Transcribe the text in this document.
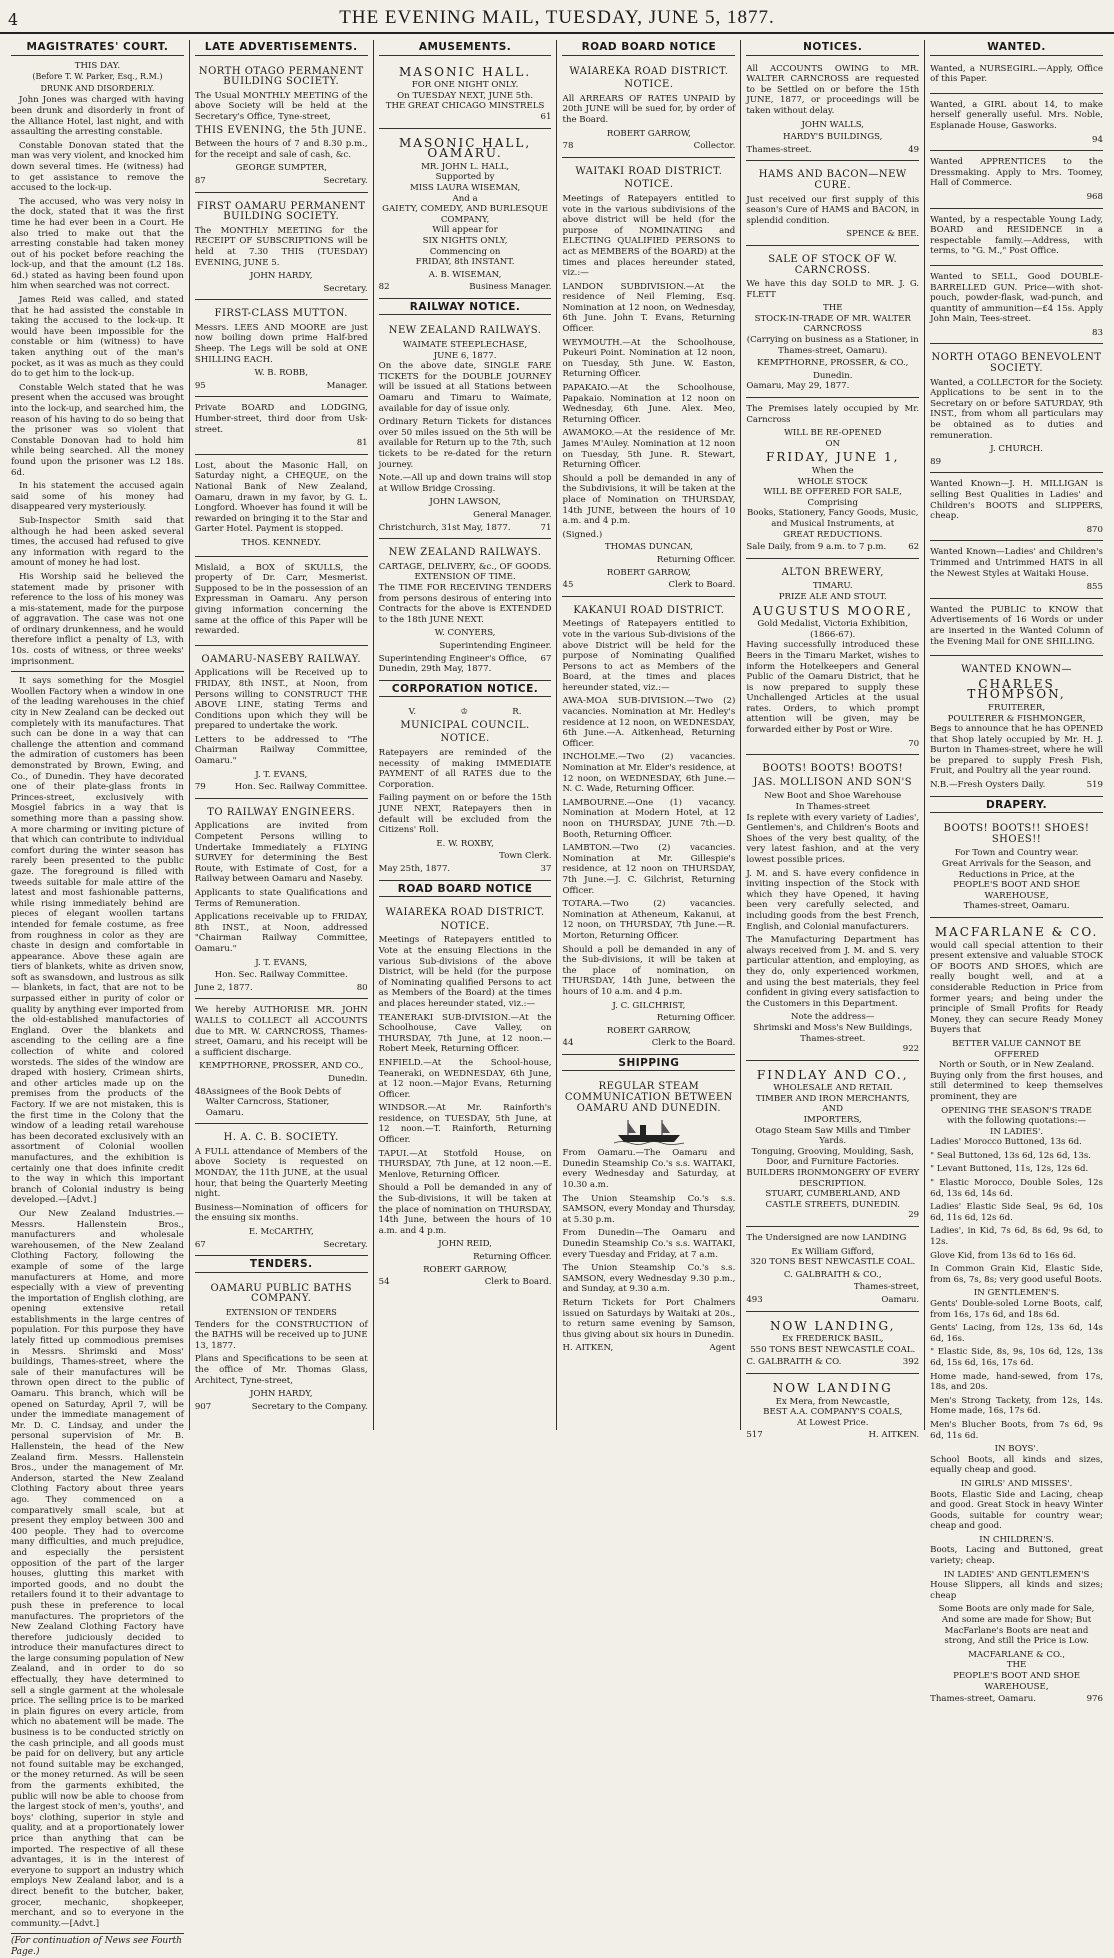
4	THE EVENING MAIL, TUESDAY, JUNE 5, 1877.
MAGISTRATES' COURT.
THIS DAY.
(Before T. W. Parker, Esq., R.M.)
DRUNK AND DISORDERLY.

John Jones was charged with having been drunk and disorderly in front of the Alliance Hotel, last night, and with assaulting the arresting constable.

Constable Donovan stated that the man was very violent, and knocked him down several times. He (witness) had to get assistance to remove the accused to the lock-up.

The accused, who was very noisy in the dock, stated that it was the first time he had ever been in a Court. He also tried to make out that the arresting constable had taken money out of his pocket before reaching the lock-up, and that the amount (L2 18s. 6d.) stated as having been found upon him when searched was not correct.

James Reid was called, and stated that he had assisted the constable in taking the accused to the lock-up. It would have been impossible for the constable or him (witness) to have taken anything out of the man's pocket, as it was as much as they could do to get him to the lock-up.

Constable Welch stated that he was present when the accused was brought into the lock-up, and searched him, the reason of his having to do so being that the prisoner was so violent that Constable Donovan had to hold him while being searched. All the money found upon the prisoner was L2 18s. 6d.

In his statement the accused again said some of his money had disappeared very mysteriously.

Sub-Inspector Smith said that although he had been asked several times, the accused had refused to give any information with regard to the amount of money he had lost.

His Worship said he believed the statement made by prisoner with reference to the loss of his money was a mis-statement, made for the purpose of aggravation. The case was not one of ordinary drunkenness, and he would therefore inflict a penalty of L3, with 10s. costs of witness, or three weeks' imprisonment.

It says something for the Mosgiel Woollen Factory when a window in one of the leading warehouses in the chief city in New Zealand can be decked out completely with its manufactures. That such can be done in a way that can challenge the attention and command the admiration of customers has been demonstrated by Brown, Ewing, and Co., of Dunedin. They have decorated one of their plate-glass fronts in Princes-street, exclusively with Mosgiel fabrics in a way that is something more than a passing show. A more charming or inviting picture of that which can contribute to individual comfort during the winter season has rarely been presented to the public gaze. The foreground is filled with tweeds suitable for male attire of the latest and most fashionable patterns, while rising immediately behind are pieces of elegant woollen tartans intended for female costume, as free from roughness in color as they are chaste in design and comfortable in appearance. Above these again are tiers of blankets, white as driven snow, soft as swansdown, and lustrous as silk — blankets, in fact, that are not to be surpassed either in purity of color or quality by anything ever imported from the old-established manufactories of England. Over the blankets and ascending to the ceiling are a fine collection of white and colored worsteds. The sides of the window are draped with hosiery, Crimean shirts, and other articles made up on the premises from the products of the Factory. If we are not mistaken, this is the first time in the Colony that the window of a leading retail warehouse has been decorated exclusively with an assortment of Colonial woollen manufactures, and the exhibition is certainly one that does infinite credit to the way in which this important branch of Colonial industry is being developed.—[Advt.]

Our New Zealand Industries.—Messrs. Hallenstein Bros., manufacturers and wholesale warehousemen, of the New Zealand Clothing Factory, following the example of some of the large manufacturers at Home, and more especially with a view of preventing the importation of English clothing, are opening extensive retail establishments in the large centres of population. For this purpose they have lately fitted up commodious premises in Messrs. Shrimski and Moss' buildings, Thames-street, where the sale of their manufactures will be thrown open direct to the public of Oamaru. This branch, which will be opened on Saturday, April 7, will be under the immediate management of Mr. D. C. Lindsay, and under the personal supervision of Mr. B. Hallenstein, the head of the New Zealand firm. Messrs. Hallenstein Bros., under the management of Mr. Anderson, started the New Zealand Clothing Factory about three years ago. They commenced on a comparatively small scale, but at present they employ between 300 and 400 people. They had to overcome many difficulties, and much prejudice, and especially the persistent opposition of the part of the larger houses, glutting this market with imported goods, and no doubt the retailers found it to their advantage to push these in preference to local manufactures. The proprietors of the New Zealand Clothing Factory have therefore judiciously decided to introduce their manufactures direct to the large consuming population of New Zealand, and in order to do so effectually, they have determined to sell a single garment at the wholesale price. The selling price is to be marked in plain figures on every article, from which no abatement will be made. The business is to be conducted strictly on the cash principle, and all goods must be paid for on delivery, but any article not found suitable may be exchanged, or the money returned. As will be seen from the garments exhibited, the public will now be able to choose from the largest stock of men's, youths', and boys' clothing, superior in style and quality, and at a proportionately lower price than anything that can be imported. The respective of all these advantages, it is in the interest of everyone to support an industry which employs New Zealand labor, and is a direct benefit to the butcher, baker, grocer, mechanic, shopkeeper, merchant, and so to everyone in the community.—[Advt.]

(For continuation of News see Fourth Page.)
LATE ADVERTISEMENTS.
NORTH OTAGO PERMANENT BUILDING SOCIETY.

The Usual MONTHLY MEETING of the above Society will be held at the Secretary's Office, Tyne-street,

THIS EVENING, the 5th JUNE.

Between the hours of 7 and 8.30 p.m., for the receipt and sale of cash, &c.

GEORGE SUMPTER,
87	Secretary.
FIRST OAMARU PERMANENT BUILDING SOCIETY.

The MONTHLY MEETING for the RECEIPT OF SUBSCRIPTIONS will be held at 7.30 THIS (TUESDAY) EVENING, JUNE 5.

JOHN HARDY,
Secretary.
FIRST-CLASS MUTTON.

Messrs. LEES AND MOORE are just now boiling down prime Half-bred Sheep. The Legs will be sold at ONE SHILLING EACH.

W. B. ROBB,
95	Manager.

Private BOARD and LODGING, Humber-street, third door from Usk-street.

81

Lost, about the Masonic Hall, on Saturday night, a CHEQUE, on the National Bank of New Zealand, Oamaru, drawn in my favor, by G. L. Longford. Whoever has found it will be rewarded on bringing it to the Star and Garter Hotel. Payment is stopped.

THOS. KENNEDY.

Mislaid, a BOX of SKULLS, the property of Dr. Carr, Mesmerist. Supposed to be in the possession of an Expressman in Oamaru. Any person giving information concerning the same at the office of this Paper will be rewarded.

OAMARU-NASEBY RAILWAY.

Applications will be Received up to FRIDAY, 8th INST., at Noon, from Persons willing to CONSTRUCT THE ABOVE LINE, stating Terms and Conditions upon which they will be prepared to undertake the work.

Letters to be addressed to "The Chairman Railway Committee, Oamaru."

J. T. EVANS,
79	Hon. Sec. Railway Committee.
TO RAILWAY ENGINEERS.

Applications are invited from Competent Persons willing to Undertake Immediately a FLYING SURVEY for determining the Best Route, with Estimate of Cost, for a Railway between Oamaru and Naseby.

Applicants to state Qualifications and Terms of Remuneration.

Applications receivable up to FRIDAY, 8th INST., at Noon, addressed "Chairman Railway Committee, Oamaru."

J. T. EVANS,
Hon. Sec. Railway Committee.
June 2, 1877.	80

We hereby AUTHORISE MR. JOHN WALLS to COLLECT all ACCOUNTS due to MR. W. CARNCROSS, Thames-street, Oamaru, and his receipt will be a sufficient discharge.

KEMPTHORNE, PROSSER, AND CO.,
Dunedin.
48 Assignees of the Book Debts of Walter Carncross, Stationer, Oamaru.
H. A. C. B. SOCIETY.

A FULL attendance of Members of the above Society is requested on MONDAY, the 11th JUNE, at the usual hour, that being the Quarterly Meeting night.

Business—Nomination of officers for the ensuing six months.

E. McCARTHY,
67	Secretary.
TENDERS.
OAMARU PUBLIC BATHS COMPANY.
EXTENSION OF TENDERS

Tenders for the CONSTRUCTION of the BATHS will be received up to JUNE 13, 1877.

Plans and Specifications to be seen at the office of Mr. Thomas Glass, Architect, Tyne-street,

JOHN HARDY,
907	Secretary to the Company.
AMUSEMENTS.
MASONIC HALL.
FOR ONE NIGHT ONLY.
On TUESDAY NEXT, JUNE 5th.
THE GREAT CHICAGO MINSTRELS
61
MASONIC HALL, OAMARU.
MR. JOHN L. HALL,
Supported by
MISS LAURA WISEMAN,
And a
GAIETY, COMEDY, AND BURLESQUE COMPANY,
Will appear for
SIX NIGHTS ONLY,
Commencing on
FRIDAY, 8th INSTANT.
A. B. WISEMAN,
82	Business Manager.
RAILWAY NOTICE.
NEW ZEALAND RAILWAYS.
WAIMATE STEEPLECHASE,
JUNE 6, 1877.

On the above date, SINGLE FARE TICKETS for the DOUBLE JOURNEY will be issued at all Stations between Oamaru and Timaru to Waimate, available for day of issue only.

Ordinary Return Tickets for distances over 50 miles issued on the 5th will be available for Return up to the 7th, such tickets to be re-dated for the return journey.

Note.—All up and down trains will stop at Willow Bridge Crossing.

JOHN LAWSON,
General Manager.
Christchurch, 31st May, 1877.	71
NEW ZEALAND RAILWAYS.
CARTAGE, DELIVERY, &c., OF GOODS.
EXTENSION OF TIME.

The TIME FOR RECEIVING TENDERS from persons desirous of entering into Contracts for the above is EXTENDED to the 18th JUNE NEXT.

W. CONYERS,
Superintending Engineer.
Superintending Engineer's Office, Dunedin, 29th May, 1877.
67
CORPORATION NOTICE.
V.	♔	R.
MUNICIPAL COUNCIL.
NOTICE.

Ratepayers are reminded of the necessity of making IMMEDIATE PAYMENT of all RATES due to the Corporation.

Failing payment on or before the 15th JUNE NEXT, Ratepayers then in default will be excluded from the Citizens' Roll.

E. W. ROXBY,
Town Clerk.
May 25th, 1877.	37
ROAD BOARD NOTICE
WAIAREKA ROAD DISTRICT.
NOTICE.

Meetings of Ratepayers entitled to Vote at the ensuing Elections in the various Sub-divisions of the above District, will be held (for the purpose of Nominating qualified Persons to act as Members of the Board) at the times and places hereunder stated, viz.:—

TEANERAKI SUB-DIVISION.—At the Schoolhouse, Cave Valley, on THURSDAY, 7th June, at 12 noon.—Robert Meek, Returning Officer.

ENFIELD.—At the School-house, Teaneraki, on WEDNESDAY, 6th June, at 12 noon.—Major Evans, Returning Officer.

WINDSOR.—At Mr. Rainforth's residence, on TUESDAY, 5th June, at 12 noon.—T. Rainforth, Returning Officer.

TAPUI.—At Stotfold House, on THURSDAY, 7th June, at 12 noon.—E. Menlove, Returning Officer.

Should a Poll be demanded in any of the Sub-divisions, it will be taken at the place of nomination on THURSDAY, 14th June, between the hours of 10 a.m. and 4 p.m.

JOHN REID,
Returning Officer.
ROBERT GARROW,
54	Clerk to Board.
ROAD BOARD NOTICE
WAIAREKA ROAD DISTRICT.
NOTICE.

All ARREARS OF RATES UNPAID by 20th JUNE will be sued for, by order of the Board.

ROBERT GARROW,
78	Collector.
WAITAKI ROAD DISTRICT.
NOTICE.

Meetings of Ratepayers entitled to vote in the various subdivisions of the above district will be held (for the purpose of NOMINATING and ELECTING QUALIFIED PERSONS to act as MEMBERS of the BOARD) at the times and places hereunder stated, viz.:—

LANDON SUBDIVISION.—At the residence of Neil Fleming, Esq. Nomination at 12 noon, on Wednesday, 6th June. John T. Evans, Returning Officer.

WEYMOUTH.—At the Schoolhouse, Pukeuri Point. Nomination at 12 noon, on Tuesday, 5th June. W. Easton, Returning Officer.

PAPAKAIO.—At the Schoolhouse, Papakaio. Nomination at 12 noon on Wednesday, 6th June. Alex. Meo, Returning Officer.

AWAMOKO.—At the residence of Mr. James M'Auley. Nomination at 12 noon on Tuesday, 5th June. R. Stewart, Returning Officer.

Should a poll be demanded in any of the Subdivisions, it will be taken at the place of Nomination on THURSDAY, 14th JUNE, between the hours of 10 a.m. and 4 p.m.

(Signed.)
THOMAS DUNCAN,
Returning Officer.
ROBERT GARROW,
45	Clerk to Board.
KAKANUI ROAD DISTRICT.

Meetings of Ratepayers entitled to vote in the various Sub-divisions of the above District will be held for the purpose of Nominating Qualified Persons to act as Members of the Board, at the times and places hereunder stated, viz.:—

AWA-MOA SUB-DIVISION.—Two (2) vacancies. Nomination at Mr. Hedley's residence at 12 noon, on WEDNESDAY, 6th June.—A. Aitkenhead, Returning Officer.

INCHOLME.—Two (2) vacancies. Nomination at Mr. Elder's residence, at 12 noon, on WEDNESDAY, 6th June.—N. C. Wade, Returning Officer.

LAMBOURNE.—One (1) vacancy. Nomination at Modern Hotel, at 12 noon on THURSDAY, JUNE 7th.—D. Booth, Returning Officer.

LAMBTON.—Two (2) vacancies. Nomination at Mr. Gillespie's residence, at 12 noon on THURSDAY, 7th June.—J. C. Gilchrist, Returning Officer.

TOTARA.—Two (2) vacancies. Nomination at Atheneum, Kakanui, at 12 noon, on THURSDAY, 7th June.—R. Morton, Returning Officer.

Should a poll be demanded in any of the Sub-divisions, it will be taken at the place of nomination, on THURSDAY, 14th June, between the hours of 10 a.m. and 4 p.m.

J. C. GILCHRIST,
Returning Officer.
ROBERT GARROW,
44	Clerk to the Board.
SHIPPING
REGULAR STEAM COMMUNICATION BETWEEN OAMARU AND DUNEDIN.

From Oamaru.—The Oamaru and Dunedin Steamship Co.'s s.s. WAITAKI, every Wednesday and Saturday, at 10.30 a.m.

The Union Steamship Co.'s s.s. SAMSON, every Monday and Thursday, at 5.30 p.m.

From Dunedin—The Oamaru and Dunedin Steamship Co.'s s.s. WAITAKI, every Tuesday and Friday, at 7 a.m.

The Union Steamship Co.'s s.s. SAMSON, every Wednesday 9.30 p.m., and Sunday, at 9.30 a.m.

Return Tickets for Port Chalmers issued on Saturdays by Waitaki at 20s., to return same evening by Samson, thus giving about six hours in Dunedin.

H. AITKEN,	Agent
NOTICES.

All ACCOUNTS OWING to MR. WALTER CARNCROSS are requested to be Settled on or before the 15th JUNE, 1877, or proceedings will be taken without delay.

JOHN WALLS,
HARDY'S BUILDINGS,
Thames-street.	49
HAMS AND BACON—NEW CURE.

Just received our first supply of this season's Cure of HAMS and BACON, in splendid condition.

SPENCE & BEE.
SALE OF STOCK OF W. CARNCROSS.

We have this day SOLD to MR. J. G. FLETT

THE
STOCK-IN-TRADE OF MR. WALTER CARNCROSS
(Carrying on business as a Stationer, in Thames-street, Oamaru).
KEMPTHORNE, PROSSER, & CO.,
Dunedin.
Oamaru, May 29, 1877.

The Premises lately occupied by Mr. Carncross

WILL BE RE-OPENED
ON
FRIDAY, JUNE 1,
When the
WHOLE STOCK
WILL BE OFFERED FOR SALE,
Comprising
Books, Stationery, Fancy Goods, Music, and Musical Instruments, at
GREAT REDUCTIONS.
Sale Daily, from 9 a.m. to 7 p.m.	62
ALTON BREWERY,
TIMARU.
PRIZE ALE AND STOUT.
AUGUSTUS MOORE,
Gold Medalist, Victoria Exhibition, (1866-67).

Having successfully introduced these Beers in the Timaru Market, wishes to inform the Hotelkeepers and General Public of the Oamaru District, that he is now prepared to supply these Unchallenged Articles at the usual rates. Orders, to which prompt attention will be given, may be forwarded either by Post or Wire.

70
BOOTS! BOOTS! BOOTS!
JAS. MOLLISON AND SON'S
New Boot and Shoe Warehouse
In Thames-street

Is replete with every variety of Ladies', Gentlemen's, and Children's Boots and Shoes of the very best quality, of the very latest fashion, and at the very lowest possible prices.

J. M. and S. have every confidence in inviting inspection of the Stock with which they have Opened, it having been very carefully selected, and including goods from the best French, English, and Colonial manufacturers.

The Manufacturing Department has always received from J. M. and S. very particular attention, and employing, as they do, only experienced workmen, and using the best materials, they feel confident in giving every satisfaction to the Customers in this Department.

Note the address—
Shrimski and Moss's New Buildings, Thames-street.
922
FINDLAY AND CO.,
WHOLESALE AND RETAIL
TIMBER AND IRON MERCHANTS,
AND
IMPORTERS,
Otago Steam Saw Mills and Timber Yards.
Tonguing, Grooving, Moulding, Sash, Door, and Furniture Factories.
BUILDERS IRONMONGERY OF EVERY DESCRIPTION.
STUART, CUMBERLAND, AND CASTLE STREETS, DUNEDIN.
29

The Undersigned are now LANDING

Ex William Gifford,
320 TONS BEST NEWCASTLE COAL.
C. GALBRAITH & CO.,
Thames-street,
493	Oamaru.
NOW LANDING,
Ex FREDERICK BASIL,
550 TONS BEST NEWCASTLE COAL.
C. GALBRAITH & CO.	392
NOW LANDING
Ex Mera, from Newcastle,
BEST A.A. COMPANY'S COALS,
At Lowest Price.
517	H. AITKEN.
WANTED.

Wanted, a NURSEGIRL.—Apply, Office of this Paper.

Wanted, a GIRL about 14, to make herself generally useful. Mrs. Noble, Esplanade House, Gasworks.

94

Wanted APPRENTICES to the Dressmaking. Apply to Mrs. Toomey, Hall of Commerce.

968

Wanted, by a respectable Young Lady, BOARD and RESIDENCE in a respectable family.—Address, with terms, to "G. M.," Post Office.

Wanted to SELL, Good DOUBLE-BARRELLED GUN. Price—with shot-pouch, powder-flask, wad-punch, and quantity of ammunition—£4 15s. Apply John Main, Tees-street.

83
NORTH OTAGO BENEVOLENT SOCIETY.

Wanted, a COLLECTOR for the Society. Applications to be sent in to the Secretary on or before SATURDAY, 9th INST., from whom all particulars may be obtained as to duties and remuneration.

J. CHURCH.
89

Wanted Known—J. H. MILLIGAN is selling Best Qualities in Ladies' and Children's BOOTS and SLIPPERS, cheap.

870

Wanted Known—Ladies' and Children's Trimmed and Untrimmed HATS in all the Newest Styles at Waitaki House.

855

Wanted the PUBLIC to KNOW that Advertisements of 16 Words or under are inserted in the Wanted Column of the Evening Mail for ONE SHILLING.

WANTED KNOWN—
CHARLES THOMPSON,
FRUITERER,
POULTERER & FISHMONGER,

Begs to announce that he has OPENED that Shop lately occupied by Mr. H. J. Burton in Thames-street, where he will be prepared to supply Fresh Fish, Fruit, and Poultry all the year round.

N.B.—Fresh Oysters Daily.	519
DRAPERY.
BOOTS! BOOTS!! SHOES! SHOES!!
For Town and Country wear.
Great Arrivals for the Season, and Reductions in Price, at the
PEOPLE'S BOOT AND SHOE WAREHOUSE,
Thames-street, Oamaru.
MACFARLANE & CO.

would call special attention to their present extensive and valuable STOCK OF BOOTS AND SHOES, which are really bought well, and at a considerable Reduction in Price from former years; and being under the principle of Small Profits for Ready Money, they can secure Ready Money Buyers that

BETTER VALUE CANNOT BE OFFERED
North or South, or in New Zealand.

Buying only from the first houses, and still determined to keep themselves prominent, they are

OPENING THE SEASON'S TRADE
with the following quotations:—
IN LADIES'.

Ladies' Morocco Buttoned, 13s 6d.

" Seal Buttoned, 13s 6d, 12s 6d, 13s.

" Levant Buttoned, 11s, 12s, 12s 6d.

" Elastic Morocco, Double Soles, 12s 6d, 13s 6d, 14s 6d.

Ladies' Elastic Side Seal, 9s 6d, 10s 6d, 11s 6d, 12s 6d.

Ladies', in Kid, 7s 6d, 8s 6d, 9s 6d, to 12s.

Glove Kid, from 13s 6d to 16s 6d.

In Common Grain Kid, Elastic Side, from 6s, 7s, 8s; very good useful Boots.

IN GENTLEMEN'S.

Gents' Double-soled Lorne Boots, calf, from 16s, 17s 6d, and 18s 6d.

Gents' Lacing, from 12s, 13s 6d, 14s 6d, 16s.

" Elastic Side, 8s, 9s, 10s 6d, 12s, 13s 6d, 15s 6d, 16s, 17s 6d.

Home made, hand-sewed, from 17s, 18s, and 20s.

Men's Strong Tackety, from 12s, 14s. Home made, 16s, 17s 6d.

Men's Blucher Boots, from 7s 6d, 9s 6d, 11s 6d.

IN BOYS'.

School Boots, all kinds and sizes, equally cheap and good.

IN GIRLS' AND MISSES'.

Boots, Elastic Side and Lacing, cheap and good. Great Stock in heavy Winter Goods, suitable for country wear; cheap and good.

IN CHILDREN'S.

Boots, Lacing and Buttoned, great variety; cheap.

IN LADIES' AND GENTLEMEN'S

House Slippers, all kinds and sizes; cheap

Some Boots are only made for Sale, And some are made for Show; But MacFarlane's Boots are neat and strong, And still the Price is Low.

MACFARLANE & CO.,
THE
PEOPLE'S BOOT AND SHOE WAREHOUSE,
Thames-street, Oamaru.	976
